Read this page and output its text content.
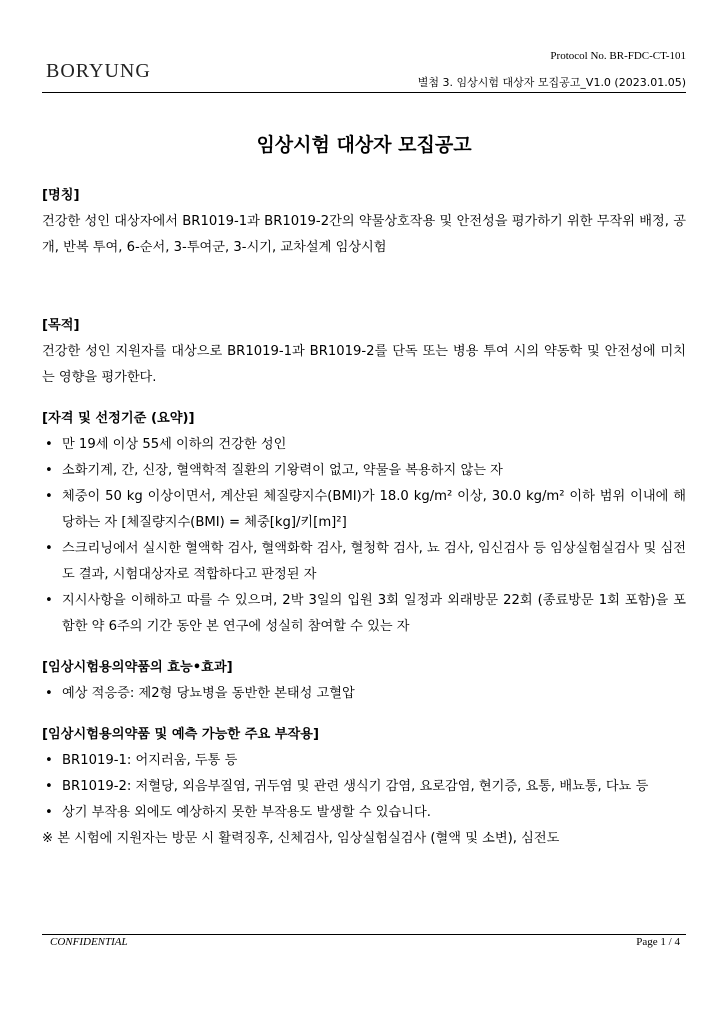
BORYUNG
Protocol No. BR-FDC-CT-101
별첨 3. 임상시험 대상자 모집공고_V1.0 (2023.01.05)
임상시험 대상자 모집공고
[명칭]

건강한 성인 대상자에서 BR1019-1과 BR1019-2간의 약물상호작용 및 안전성을 평가하기 위한 무작위 배정, 공개, 반복 투여, 6-순서, 3-투여군, 3-시기, 교차설계 임상시험

[목적]

건강한 성인 지원자를 대상으로 BR1019-1과 BR1019-2를 단독 또는 병용 투여 시의 약동학 및 안전성에 미치는 영향을 평가한다.

[자격 및 선정기준 (요약)]
• 만 19세 이상 55세 이하의 건강한 성인
• 소화기계, 간, 신장, 혈액학적 질환의 기왕력이 없고, 약물을 복용하지 않는 자
• 체중이 50 kg 이상이면서, 계산된 체질량지수(BMI)가 18.0 kg/m² 이상, 30.0 kg/m² 이하 범위 이내에 해당하는 자 [체질량지수(BMI) = 체중[kg]/키[m]²]
• 스크리닝에서 실시한 혈액학 검사, 혈액화학 검사, 혈청학 검사, 뇨 검사, 임신검사 등 임상실험실검사 및 심전도 결과, 시험대상자로 적합하다고 판정된 자
• 지시사항을 이해하고 따를 수 있으며, 2박 3일의 입원 3회 일정과 외래방문 22회 (종료방문 1회 포함)을 포함한 약 6주의 기간 동안 본 연구에 성실히 참여할 수 있는 자
[임상시험용의약품의 효능•효과]
• 예상 적응증: 제2형 당뇨병을 동반한 본태성 고혈압
[임상시험용의약품 및 예측 가능한 주요 부작용]
• BR1019-1: 어지러움, 두통 등
• BR1019-2: 저혈당, 외음부질염, 귀두염 및 관련 생식기 감염, 요로감염, 현기증, 요통, 배뇨통, 다뇨 등
• 상기 부작용 외에도 예상하지 못한 부작용도 발생할 수 있습니다.

※ 본 시험에 지원자는 방문 시 활력징후, 신체검사, 임상실험실검사 (혈액 및 소변), 심전도

CONFIDENTIAL	Page 1 / 4
